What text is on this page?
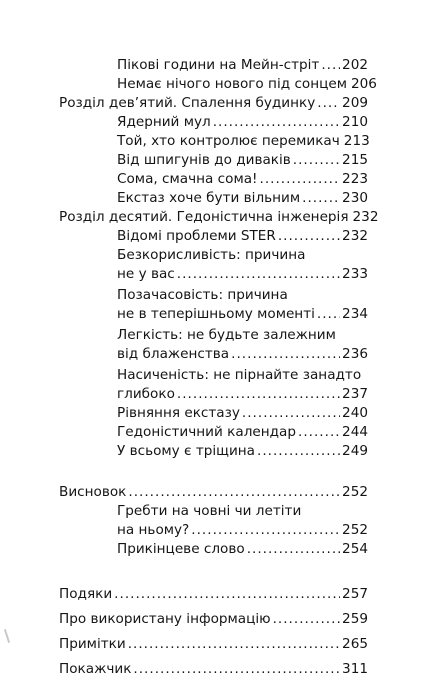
Пікові години на Мейн-стріт ..... 202
Немає нічого нового під сонцем 206
Розділ дев’ятий. Спалення будинку ..... 209
Ядерний мул .....	210
Той, хто контролює перемикач 213
Від шпигунів до диваків .....	215
Сома, смачна сома! .....	223
Екстаз хоче бути вільним .....	230
Розділ десятий. Гедоністична інженерія 232
Відомі проблеми STER .....	232
Безкорисливість: причина
не у вас .....	233
Позачасовість: причина
не в теперішньому моменті ..... 234
Легкість: не будьте залежним
від блаженства .....	236
Насиченість: не пірнайте занадто
глибоко .....	237
Рівняння екстазу .....	240
Гедоністичний календар .....	244
У всьому є тріщина .....	249
Висновок .....	252
Гребти на човні чи летіти
на ньому? .....	252
Прикінцеве слово .....	254
Подяки .....	257
Про використану інформацію .....	259
Примітки .....	265
Покажчик .....	311
